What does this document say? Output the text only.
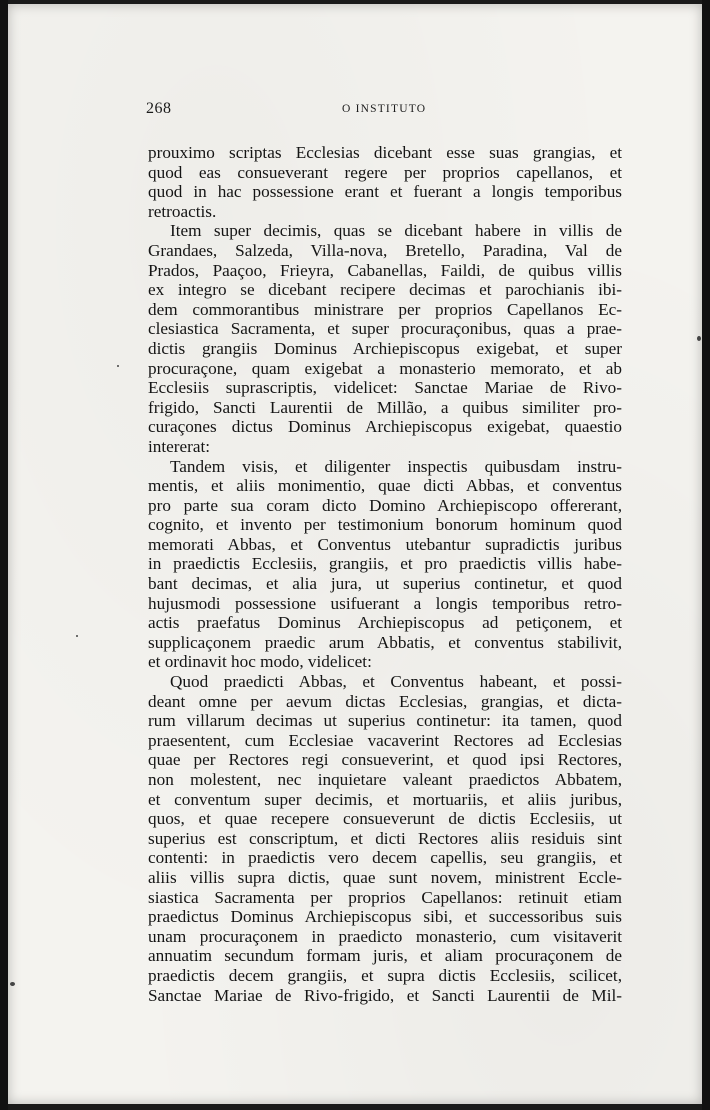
268	O INSTITUTO
prouximo scriptas Ecclesias dicebant esse suas grangias, et
quod eas consueverant regere per proprios capellanos, et
quod in hac possessione erant et fuerant a longis temporibus
retroactis.
Item super decimis, quas se dicebant habere in villis de
Grandaes, Salzeda, Villa-nova, Bretello, Paradina, Val de
Prados, Paaçoo, Frieyra, Cabanellas, Faildi, de quibus villis
ex integro se dicebant recipere decimas et parochianis ibi-
dem commorantibus ministrare per proprios Capellanos Ec-
clesiastica Sacramenta, et super procuraçonibus, quas a prae-
dictis grangiis Dominus Archiepiscopus exigebat, et super
procuraçone, quam exigebat a monasterio memorato, et ab
Ecclesiis suprascriptis, videlicet: Sanctae Mariae de Rivo-
frigido, Sancti Laurentii de Millão, a quibus similiter pro-
curaçones dictus Dominus Archiepiscopus exigebat, quaestio
intererat:
Tandem visis, et diligenter inspectis quibusdam instru-
mentis, et aliis monimentio, quae dicti Abbas, et conventus
pro parte sua coram dicto Domino Archiepiscopo offererant,
cognito, et invento per testimonium bonorum hominum quod
memorati Abbas, et Conventus utebantur supradictis juribus
in praedictis Ecclesiis, grangiis, et pro praedictis villis habe-
bant decimas, et alia jura, ut superius continetur, et quod
hujusmodi possessione usifuerant a longis temporibus retro-
actis praefatus Dominus Archiepiscopus ad petiçonem, et
supplicaçonem praedic arum Abbatis, et conventus stabilivit,
et ordinavit hoc modo, videlicet:
Quod praedicti Abbas, et Conventus habeant, et possi-
deant omne per aevum dictas Ecclesias, grangias, et dicta-
rum villarum decimas ut superius continetur: ita tamen, quod
praesentent, cum Ecclesiae vacaverint Rectores ad Ecclesias
quae per Rectores regi consueverint, et quod ipsi Rectores,
non molestent, nec inquietare valeant praedictos Abbatem,
et conventum super decimis, et mortuariis, et aliis juribus,
quos, et quae recepere consueverunt de dictis Ecclesiis, ut
superius est conscriptum, et dicti Rectores aliis residuis sint
contenti: in praedictis vero decem capellis, seu grangiis, et
aliis villis supra dictis, quae sunt novem, ministrent Eccle-
siastica Sacramenta per proprios Capellanos: retinuit etiam
praedictus Dominus Archiepiscopus sibi, et successoribus suis
unam procuraçonem in praedicto monasterio, cum visitaverit
annuatim secundum formam juris, et aliam procuraçonem de
praedictis decem grangiis, et supra dictis Ecclesiis, scilicet,
Sanctae Mariae de Rivo-frigido, et Sancti Laurentii de Mil-
